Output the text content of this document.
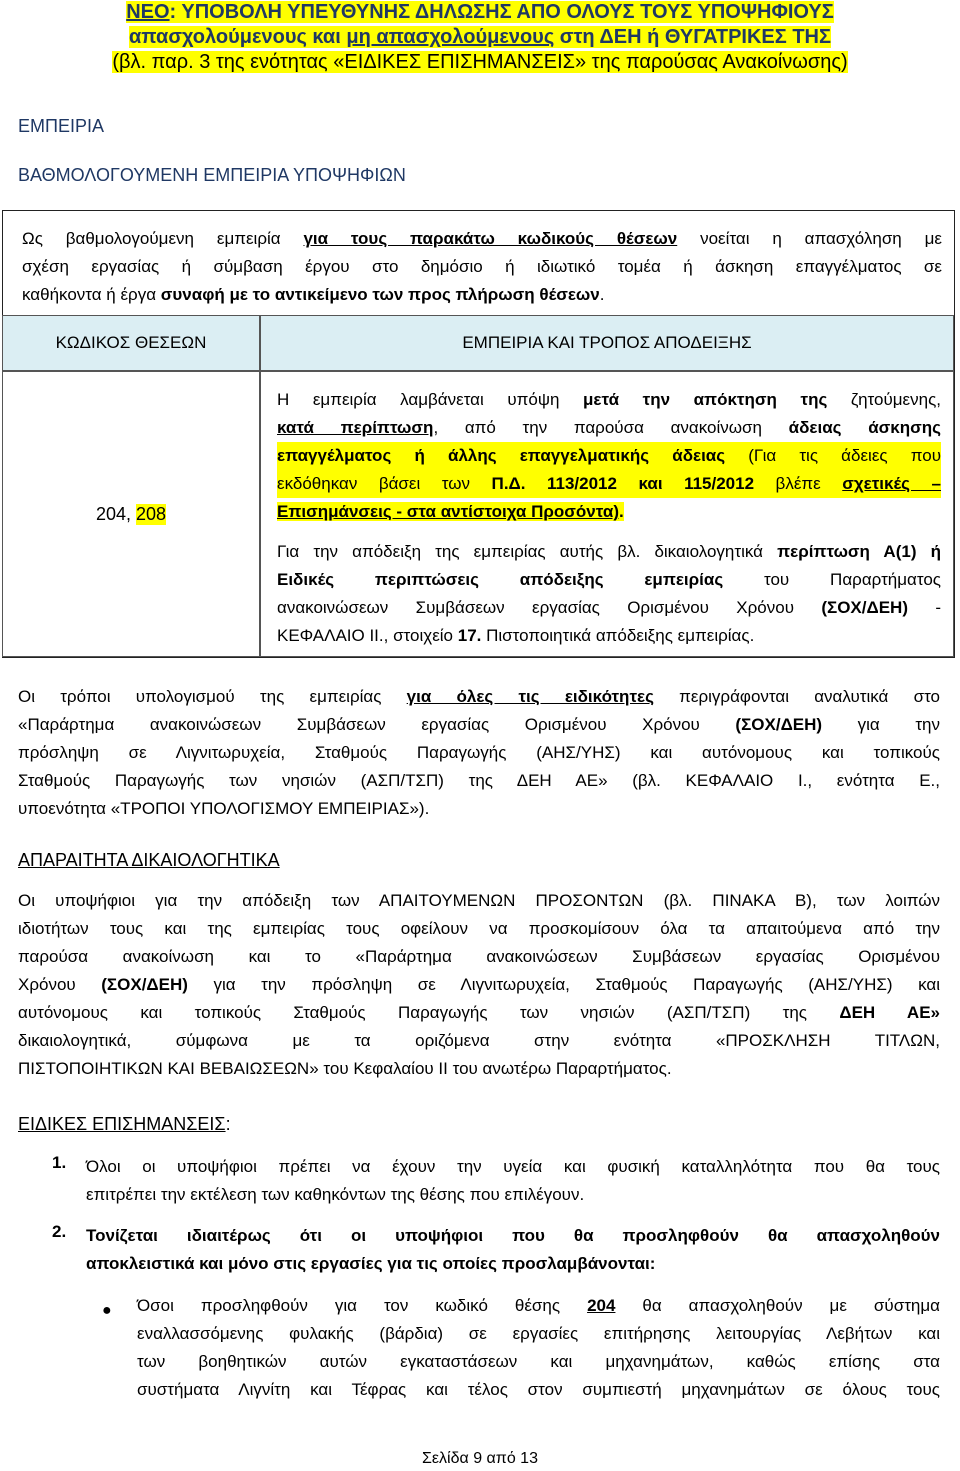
ΝΕΟ: ΥΠΟΒΟΛΗ ΥΠΕΥΘΥΝΗΣ ΔΗΛΩΣΗΣ ΑΠΟ ΟΛΟΥΣ ΤΟΥΣ ΥΠΟΨΗΦΙΟΥΣ
απασχολούμενους και μη απασχολούμενους στη ΔΕΗ ή ΘΥΓΑΤΡΙΚΕΣ ΤΗΣ
(βλ. παρ. 3 της ενότητας «ΕΙΔΙΚΕΣ ΕΠΙΣΗΜΑΝΣΕΙΣ» της παρούσας Ανακοίνωσης)
ΕΜΠΕΙΡΙΑ
ΒΑΘΜΟΛΟΓΟΥΜΕΝΗ ΕΜΠΕΙΡΙΑ ΥΠΟΨΗΦΙΩΝ
Ως βαθμολογούμενη εμπειρία για τους παρακάτω κωδικούς θέσεων νοείται η απασχόληση με
σχέση εργασίας ή σύμβαση έργου στο δημόσιο ή ιδιωτικό τομέα ή άσκηση επαγγέλματος σε
καθήκοντα ή έργα συναφή με το αντικείμενο των προς πλήρωση θέσεων.
ΚΩΔΙΚΟΣ ΘΕΣΕΩΝ	ΕΜΠΕΙΡΙΑ ΚΑΙ ΤΡΟΠΟΣ ΑΠΟΔΕΙΞΗΣ
204, 208
Η εμπειρία λαμβάνεται υπόψη μετά την απόκτηση της ζητούμενης,
κατά περίπτωση, από την παρούσα ανακοίνωση άδειας άσκησης
επαγγέλματος ή άλλης επαγγελματικής άδειας (Για τις άδειες που
εκδόθηκαν βάσει των Π.Δ. 113/2012 και 115/2012 βλέπε σχετικές –
Επισημάνσεις - στα αντίστοιχα Προσόντα).
Για την απόδειξη της εμπειρίας αυτής βλ. δικαιολογητικά περίπτωση Α(1) ή
Ειδικές περιπτώσεις απόδειξης εμπειρίας του Παραρτήματος
ανακοινώσεων Συμβάσεων εργασίας Ορισμένου Χρόνου (ΣΟΧ/ΔΕΗ) -
ΚΕΦΑΛΑΙΟ ΙΙ., στοιχείο 17. Πιστοποιητικά απόδειξης εμπειρίας.
Οι τρόποι υπολογισμού της εμπειρίας για όλες τις ειδικότητες περιγράφονται αναλυτικά στο
«Παράρτημα ανακοινώσεων Συμβάσεων εργασίας Ορισμένου Χρόνου (ΣΟΧ/ΔΕΗ) για την
πρόσληψη σε Λιγνιτωρυχεία, Σταθμούς Παραγωγής (ΑΗΣ/ΥΗΣ) και αυτόνομους και τοπικούς
Σταθμούς Παραγωγής των νησιών (ΑΣΠ/ΤΣΠ) της ΔΕΗ ΑΕ» (βλ. ΚΕΦΑΛΑΙΟ Ι., ενότητα Ε.,
υποενότητα «ΤΡΟΠΟΙ ΥΠΟΛΟΓΙΣΜΟΥ ΕΜΠΕΙΡΙΑΣ»).
ΑΠΑΡΑΙΤΗΤΑ ΔΙΚΑΙΟΛΟΓΗΤΙΚΑ
Οι υποψήφιοι για την απόδειξη των ΑΠΑΙΤΟΥΜΕΝΩΝ ΠΡΟΣΟΝΤΩΝ (βλ. ΠΙΝΑΚΑ Β), των λοιπών
ιδιοτήτων τους και της εμπειρίας τους οφείλουν να προσκομίσουν όλα τα απαιτούμενα από την
παρούσα ανακοίνωση και το «Παράρτημα ανακοινώσεων Συμβάσεων εργασίας Ορισμένου
Χρόνου (ΣΟΧ/ΔΕΗ) για την πρόσληψη σε Λιγνιτωρυχεία, Σταθμούς Παραγωγής (ΑΗΣ/ΥΗΣ) και
αυτόνομους και τοπικούς Σταθμούς Παραγωγής των νησιών (ΑΣΠ/ΤΣΠ) της ΔΕΗ ΑΕ»
δικαιολογητικά, σύμφωνα με τα οριζόμενα στην ενότητα «ΠΡΟΣΚΛΗΣΗ ΤΙΤΛΩΝ,
ΠΙΣΤΟΠΟΙΗΤΙΚΩΝ ΚΑΙ ΒΕΒΑΙΩΣΕΩΝ» του Κεφαλαίου ΙΙ του ανωτέρω Παραρτήματος.
ΕΙΔΙΚΕΣ ΕΠΙΣΗΜΑΝΣΕΙΣ:
1. Όλοι οι υποψήφιοι πρέπει να έχουν την υγεία και φυσική καταλληλότητα που θα τους
επιτρέπει την εκτέλεση των καθηκόντων της θέσης που επιλέγουν.
2. Τονίζεται ιδιαιτέρως ότι οι υποψήφιοι που θα προσληφθούν θα απασχοληθούν
αποκλειστικά και μόνο στις εργασίες για τις οποίες προσλαμβάνονται:
● Όσοι προσληφθούν για τον κωδικό θέσης 204 θα απασχοληθούν με σύστημα
εναλλασσόμενης φυλακής (βάρδια) σε εργασίες επιτήρησης λειτουργίας Λεβήτων και
των βοηθητικών αυτών εγκαταστάσεων και μηχανημάτων, καθώς επίσης στα
συστήματα Λιγνίτη και Τέφρας και τέλος στον συμπιεστή μηχανημάτων σε όλους τους
Σελίδα 9 από 13
